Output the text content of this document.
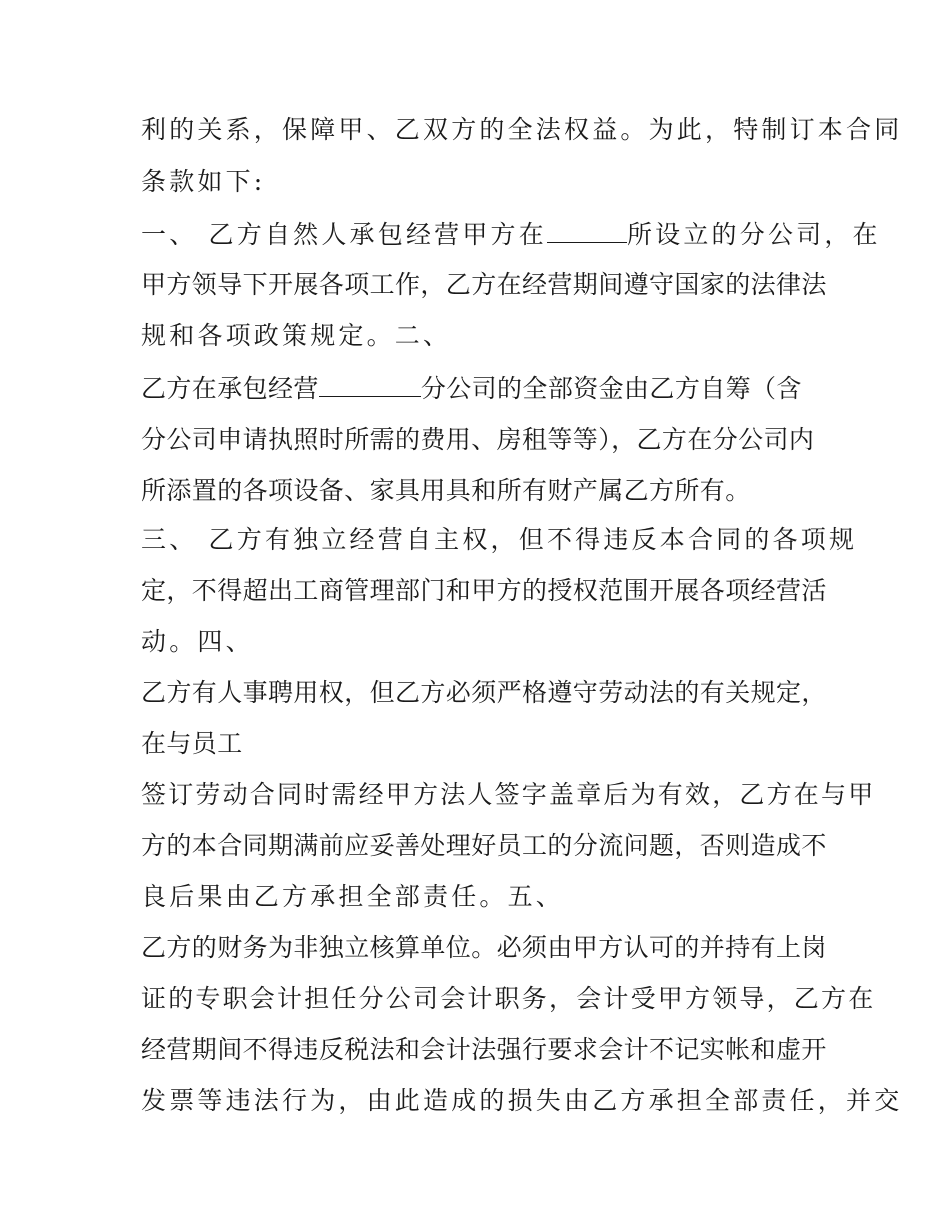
利的关系，保障甲、乙双方的全法权益。为此，特制订本合同
条款如下:
一、 乙方自然人承包经营甲方在	所设立的分公司，在
甲方领导下开展各项工作，乙方在经营期间遵守国家的法律法
规和各项政策规定。二、
乙方在承包经营	分公司的全部资金由乙方自筹（含
分公司申请执照时所需的费用、房租等等），乙方在分公司内
所添置的各项设备、家具用具和所有财产属乙方所有。
三、 乙方有独立经营自主权，但不得违反本合同的各项规
定，不得超出工商管理部门和甲方的授权范围开展各项经营活
动。四、
乙方有人事聘用权，但乙方必须严格遵守劳动法的有关规定，
在与员工
签订劳动合同时需经甲方法人签字盖章后为有效，乙方在与甲
方的本合同期满前应妥善处理好员工的分流问题，否则造成不
良后果由乙方承担全部责任。五、
乙方的财务为非独立核算单位。必须由甲方认可的并持有上岗
证的专职会计担任分公司会计职务，会计受甲方领导，乙方在
经营期间不得违反税法和会计法强行要求会计不记实帐和虚开
发票等违法行为，由此造成的损失由乙方承担全部责任，并交
